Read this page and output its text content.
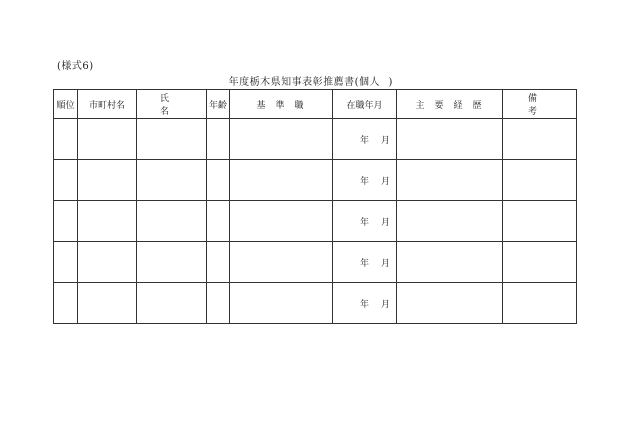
(様式6)
年度栃木県知事表彰推薦書(個人)
順位	市町村名	氏名	年齢	基準職	在職年月	主要経歴	備考
					年 月		
					年 月		
					年 月		
					年 月		
					年 月		
